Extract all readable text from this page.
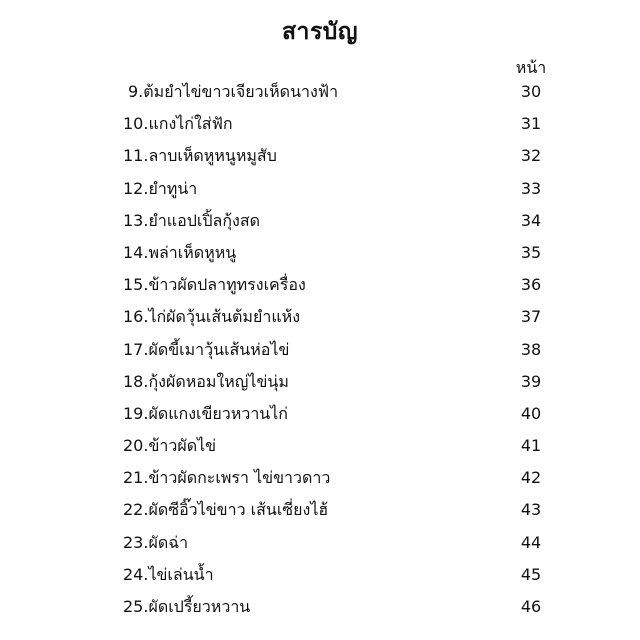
สารบัญ
หน้า
9.ต้มยำไข่ขาวเจียวเห็ดนางฟ้า	30
10.แกงไก่ใส่ฟัก	31
11.ลาบเห็ดหูหนูหมูสับ	32
12.ยำทูน่า	33
13.ยำแอปเปิ้ลกุ้งสด	34
14.พล่าเห็ดหูหนู	35
15.ข้าวผัดปลาทูทรงเครื่อง	36
16.ไก่ผัดวุ้นเส้นต้มยำแห้ง	37
17.ผัดขี้เมาวุ้นเส้นห่อไข่	38
18.กุ้งผัดหอมใหญ่ไข่นุ่ม	39
19.ผัดแกงเขียวหวานไก่	40
20.ข้าวผัดไข่	41
21.ข้าวผัดกะเพรา ไข่ขาวดาว	42
22.ผัดซีอิ๊วไข่ขาว เส้นเซี่ยงไฮ้	43
23.ผัดฉ่า	44
24.ไข่เล่นน้ำ	45
25.ผัดเปรี้ยวหวาน	46
